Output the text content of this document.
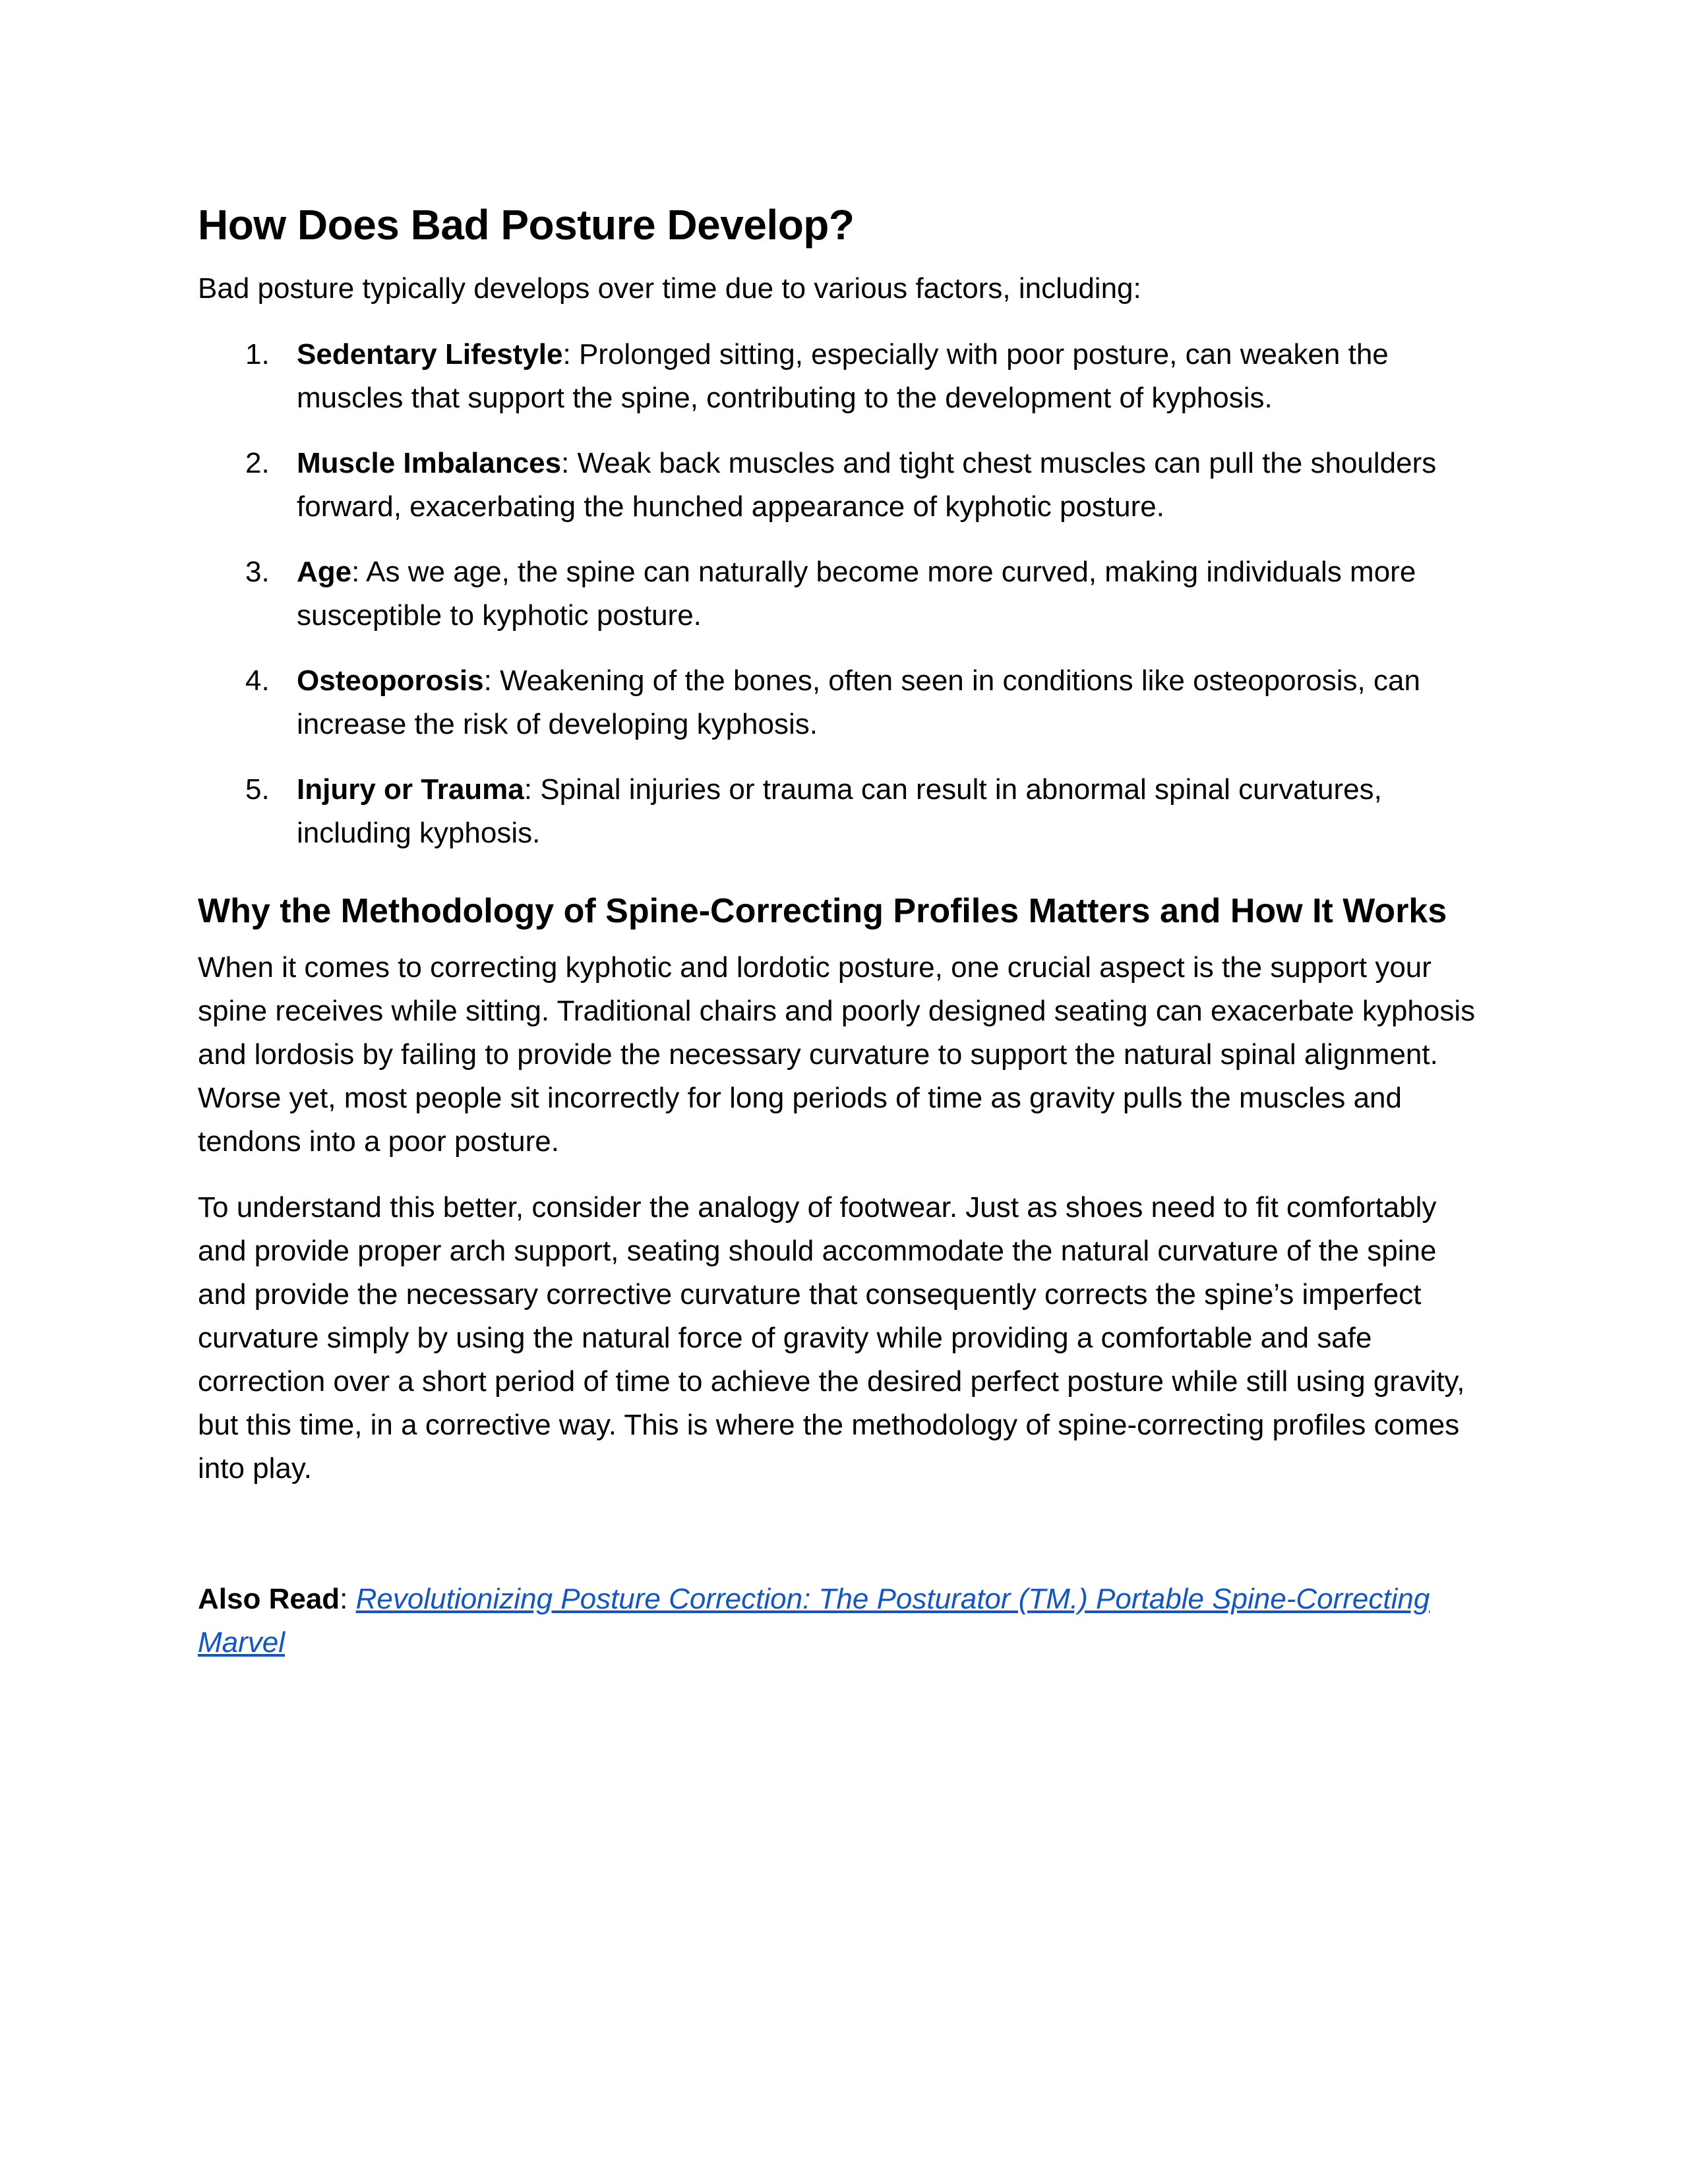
How Does Bad Posture Develop?

Bad posture typically develops over time due to various factors, including:

1. Sedentary Lifestyle: Prolonged sitting, especially with poor posture, can weaken the muscles that support the spine, contributing to the development of kyphosis.
2. Muscle Imbalances: Weak back muscles and tight chest muscles can pull the shoulders forward, exacerbating the hunched appearance of kyphotic posture.
3. Age: As we age, the spine can naturally become more curved, making individuals more susceptible to kyphotic posture.
4. Osteoporosis: Weakening of the bones, often seen in conditions like osteoporosis, can increase the risk of developing kyphosis.
5. Injury or Trauma: Spinal injuries or trauma can result in abnormal spinal curvatures, including kyphosis.
Why the Methodology of Spine-Correcting Profiles Matters and How It Works

When it comes to correcting kyphotic and lordotic posture, one crucial aspect is the support your spine receives while sitting. Traditional chairs and poorly designed seating can exacerbate kyphosis and lordosis by failing to provide the necessary curvature to support the natural spinal alignment. Worse yet, most people sit incorrectly for long periods of time as gravity pulls the muscles and tendons into a poor posture.

To understand this better, consider the analogy of footwear. Just as shoes need to fit comfortably and provide proper arch support, seating should accommodate the natural curvature of the spine and provide the necessary corrective curvature that consequently corrects the spine’s imperfect curvature simply by using the natural force of gravity while providing a comfortable and safe correction over a short period of time to achieve the desired perfect posture while still using gravity, but this time, in a corrective way. This is where the methodology of spine-correcting profiles comes into play.

Also Read: Revolutionizing Posture Correction: The Posturator (TM.) Portable Spine-Correcting Marvel
